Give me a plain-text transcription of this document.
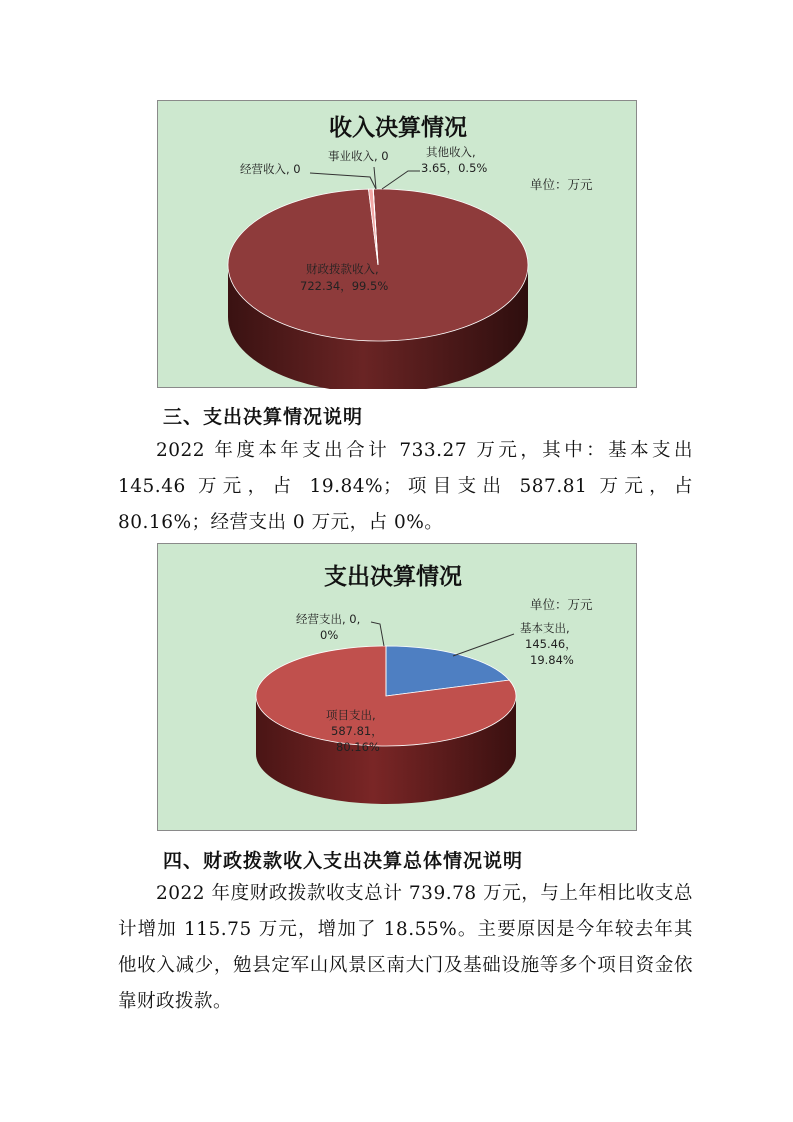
收入决算情况
单位：万元
经营收入, 0
事业收入, 0	其他收入,
3.65，0.5%
财政拨款收入,
722.34，99.5%
三、支出决算情况说明
2022 年度本年支出合计 733.27 万元，其中：基本支出 145.46 万元，占 19.84%；项目支出 587.81 万元，占 80.16%；经营支出 0 万元，占 0%。
支出决算情况
单位：万元
经营支出, 0,
0%	基本支出,
145.46，
19.84%
项目支出,
587.81，
80.16%
四、财政拨款收入支出决算总体情况说明
2022 年度财政拨款收支总计 739.78 万元，与上年相比收支总计增加 115.75 万元，增加了 18.55%。主要原因是今年较去年其他收入减少，勉县定军山风景区南大门及基础设施等多个项目资金依靠财政拨款。
